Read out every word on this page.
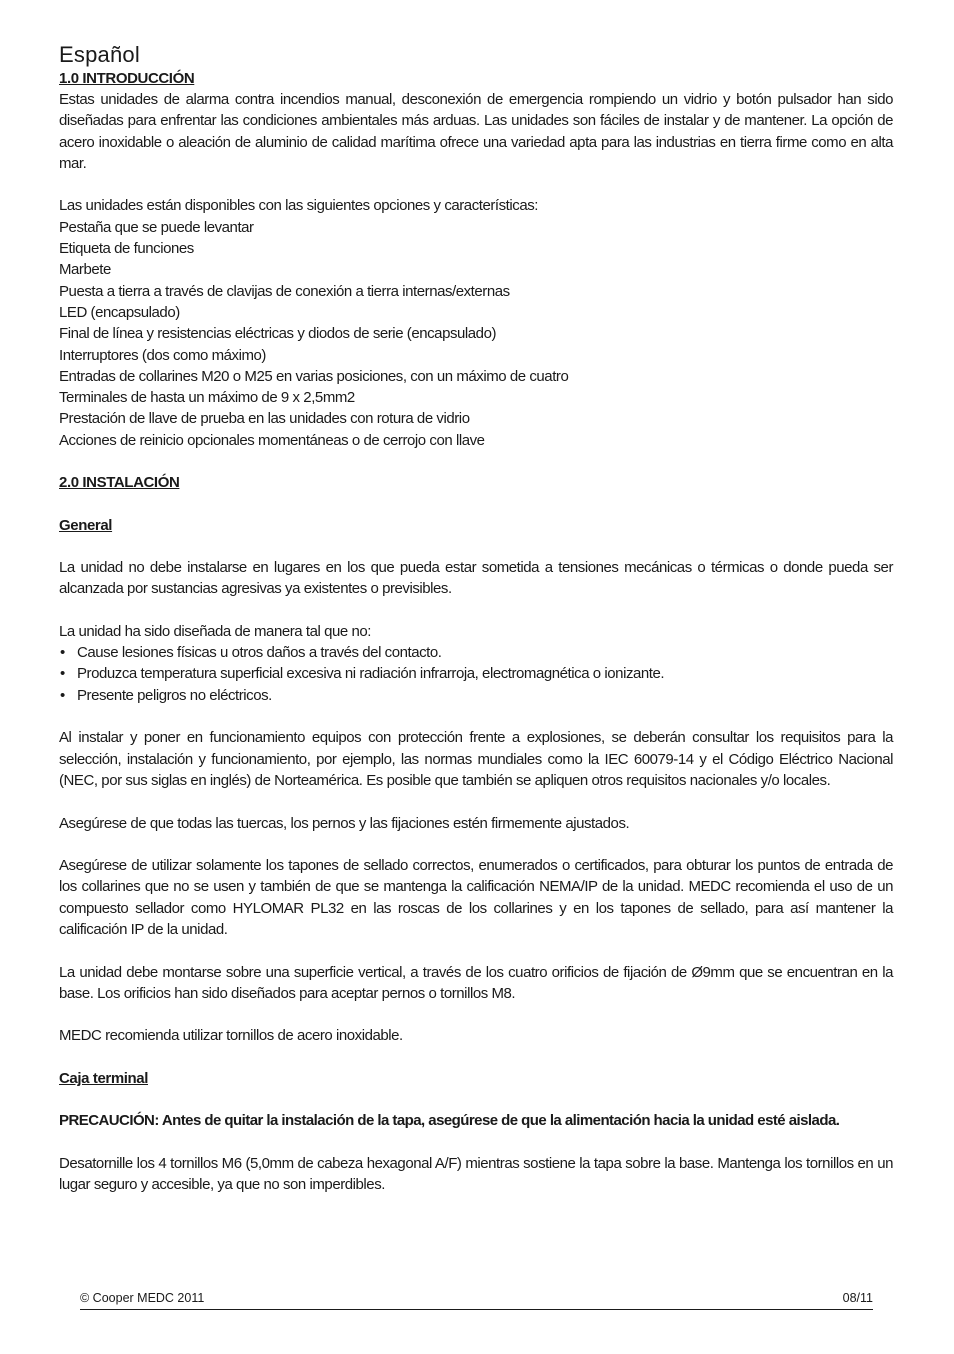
Español
1.0 INTRODUCCIÓN

Estas unidades de alarma contra incendios manual, desconexión de emergencia rompiendo un vidrio y botón pulsador han sido diseñadas para enfrentar las condiciones ambientales más arduas. Las unidades son fáciles de instalar y de mantener. La opción de acero inoxidable o aleación de aluminio de calidad marítima ofrece una variedad apta para las industrias en tierra firme como en alta mar.

Las unidades están disponibles con las siguientes opciones y características:

Pestaña que se puede levantar
Etiqueta de funciones
Marbete
Puesta a tierra a través de clavijas de conexión a tierra internas/externas
LED (encapsulado)
Final de línea y resistencias eléctricas y diodos de serie (encapsulado)
Interruptores (dos como máximo)
Entradas de collarines M20 o M25 en varias posiciones, con un máximo de cuatro
Terminales de hasta un máximo de 9 x 2,5mm2
Prestación de llave de prueba en las unidades con rotura de vidrio
Acciones de reinicio opcionales momentáneas o de cerrojo con llave
2.0 INSTALACIÓN
General

La unidad no debe instalarse en lugares en los que pueda estar sometida a tensiones mecánicas o térmicas o donde pueda ser alcanzada por sustancias agresivas ya existentes o previsibles.

La unidad ha sido diseñada de manera tal que no:

• Cause lesiones físicas u otros daños a través del contacto.
• Produzca temperatura superficial excesiva ni radiación infrarroja, electromagnética o ionizante.
• Presente peligros no eléctricos.

Al instalar y poner en funcionamiento equipos con protección frente a explosiones, se deberán consultar los requisitos para la selección, instalación y funcionamiento, por ejemplo, las normas mundiales como la IEC 60079-14 y el Código Eléctrico Nacional (NEC, por sus siglas en inglés) de Norteamérica. Es posible que también se apliquen otros requisitos nacionales y/o locales.

Asegúrese de que todas las tuercas, los pernos y las fijaciones estén firmemente ajustados.

Asegúrese de utilizar solamente los tapones de sellado correctos, enumerados o certificados, para obturar los puntos de entrada de los collarines que no se usen y también de que se mantenga la calificación NEMA/IP de la unidad. MEDC recomienda el uso de un compuesto sellador como HYLOMAR PL32 en las roscas de los collarines y en los tapones de sellado, para así mantener la calificación IP de la unidad.

La unidad debe montarse sobre una superficie vertical, a través de los cuatro orificios de fijación de Ø9mm que se encuentran en la base. Los orificios han sido diseñados para aceptar pernos o tornillos M8.

MEDC recomienda utilizar tornillos de acero inoxidable.

Caja terminal

PRECAUCIÓN: Antes de quitar la instalación de la tapa, asegúrese de que la alimentación hacia la unidad esté aislada.

Desatornille los 4 tornillos M6 (5,0mm de cabeza hexagonal A/F) mientras sostiene la tapa sobre la base. Mantenga los tornillos en un lugar seguro y accesible, ya que no son imperdibles.

© Cooper MEDC 2011	08/11
